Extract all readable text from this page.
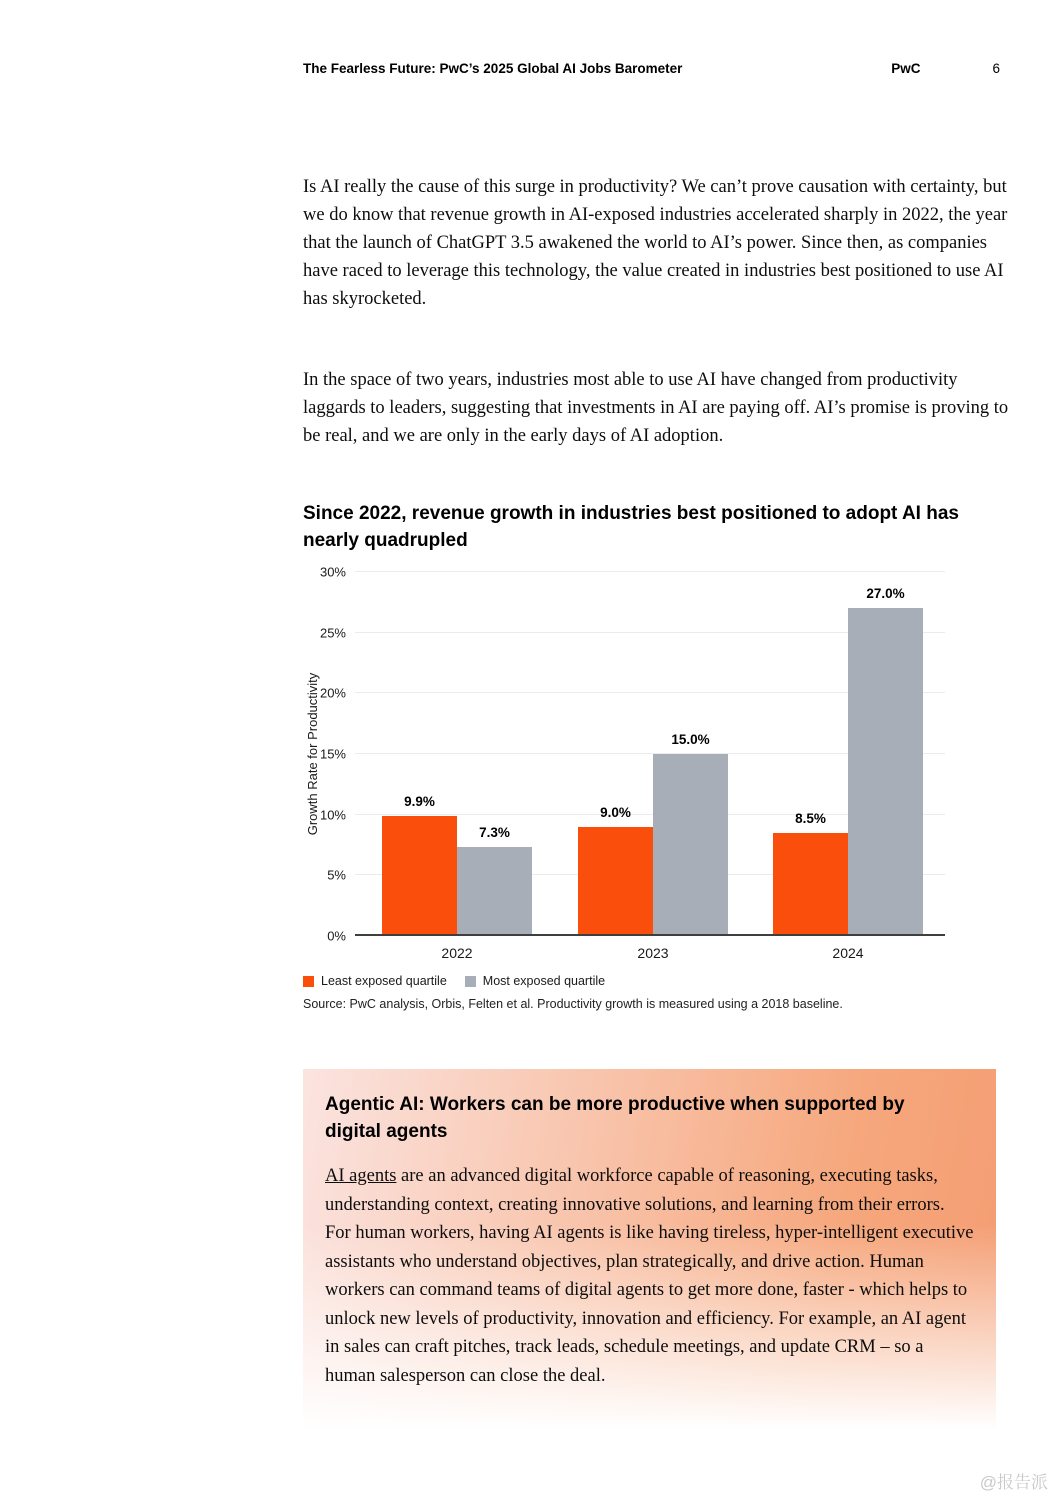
The Fearless Future: PwC’s 2025 Global AI Jobs Barometer	PwC	6

Is AI really the cause of this surge in productivity? We can’t prove causation with certainty, but we do know that revenue growth in AI-exposed industries accelerated sharply in 2022, the year that the launch of ChatGPT 3.5 awakened the world to AI’s power. Since then, as companies have raced to leverage this technology, the value created in industries best positioned to use AI has skyrocketed.

In the space of two years, industries most able to use AI have changed from productivity laggards to leaders, suggesting that investments in AI are paying off. AI’s promise is proving to be real, and we are only in the early days of AI adoption.

Since 2022, revenue growth in industries best positioned to adopt AI has nearly quadrupled
Growth Rate for Productivity
0%
5%
10%
15%
20%
25%
30%
9.9%
7.3%
2022
9.0%
15.0%
2023
8.5%
27.0%
2024
Least exposed quartile	Most exposed quartile
Source: PwC analysis, Orbis, Felten et al. Productivity growth is measured using a 2018 baseline.
Agentic AI: Workers can be more productive when supported by digital agents

AI agents are an advanced digital workforce capable of reasoning, executing tasks, understanding context, creating innovative solutions, and learning from their errors. For human workers, having AI agents is like having tireless, hyper-intelligent executive assistants who understand objectives, plan strategically, and drive action. Human workers can command teams of digital agents to get more done, faster - which helps to unlock new levels of productivity, innovation and efficiency. For example, an AI agent in sales can craft pitches, track leads, schedule meetings, and update CRM – so a human salesperson can close the deal.

@报告派
